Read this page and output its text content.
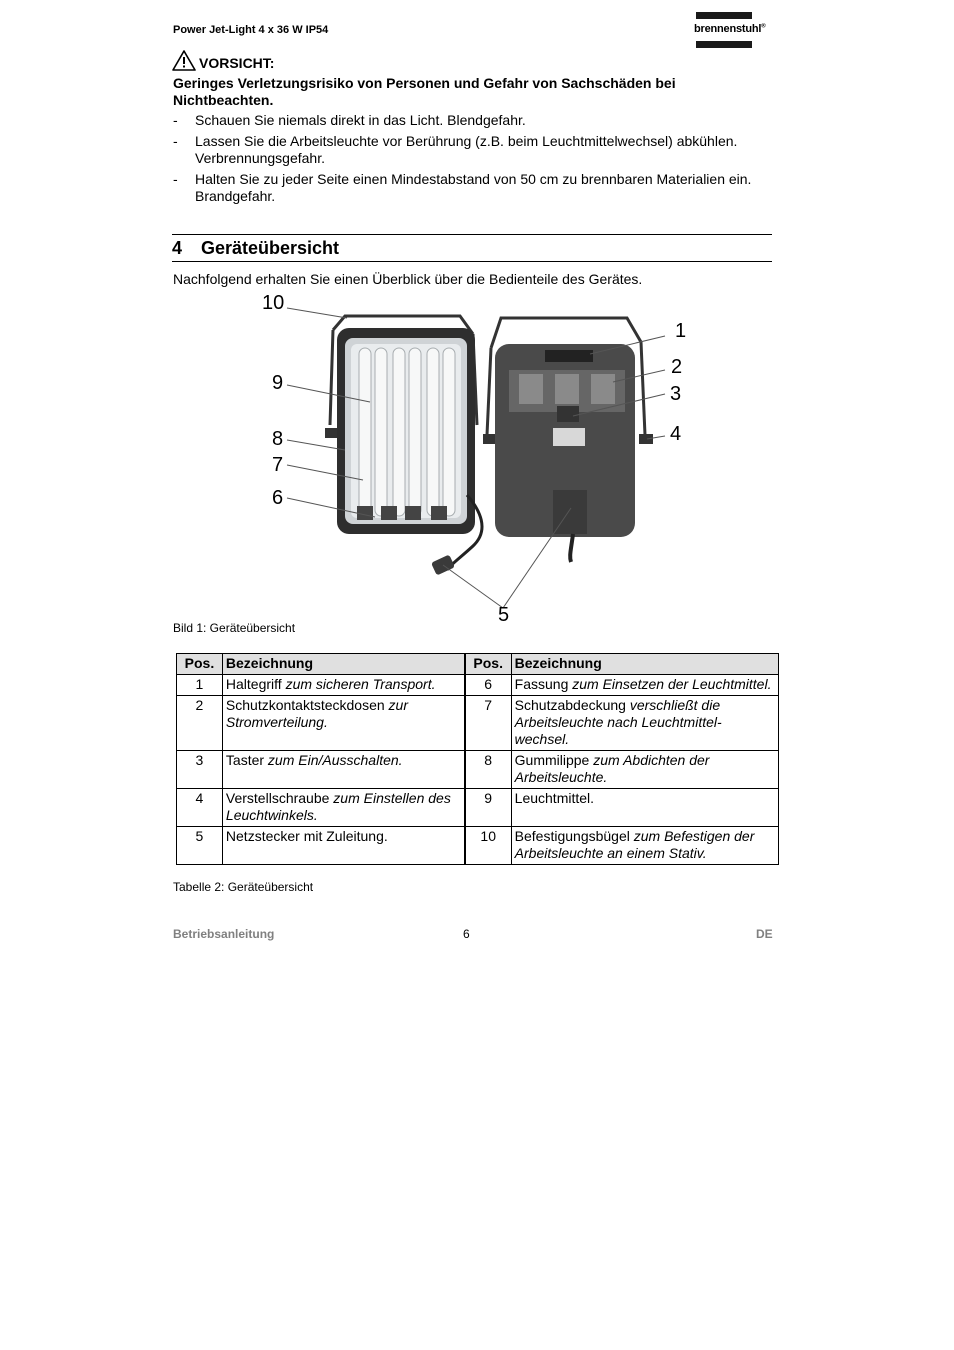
Power Jet-Light 4 x 36 W IP54	brennenstuhl®
VORSICHT:
Geringes Verletzungsrisiko von Personen und Gefahr von Sachschäden bei Nichtbeachten.
- Schauen Sie niemals direkt in das Licht. Blendgefahr.
- Lassen Sie die Arbeitsleuchte vor Berührung (z.B. beim Leuchtmittelwechsel) abkühlen. Verbrennungsgefahr.
- Halten Sie zu jeder Seite einen Mindestabstand von 50 cm zu brennbaren Materialien ein. Brandgefahr.
4 Geräteübersicht
Nachfolgend erhalten Sie einen Überblick über die Bedienteile des Gerätes.
1
2
3
4
5
6
7
8
9
10
Bild 1: Geräteübersicht
Pos.	Bezeichnung	Pos.	Bezeichnung
1	Haltegriff zum sicheren Transport.	6	Fassung zum Einsetzen der Leuchtmittel.
2	Schutzkontaktsteckdosen zur Stromverteilung.	7	Schutzabdeckung verschließt die Arbeitsleuchte nach Leuchtmittel-wechsel.
3	Taster zum Ein/Ausschalten.	8	Gummilippe zum Abdichten der Arbeitsleuchte.
4	Verstellschraube zum Einstellen des Leuchtwinkels.	9	Leuchtmittel.
5	Netzstecker mit Zuleitung.	10	Befestigungsbügel zum Befestigen der Arbeitsleuchte an einem Stativ.
Tabelle 2: Geräteübersicht
Betriebsanleitung	6	DE
